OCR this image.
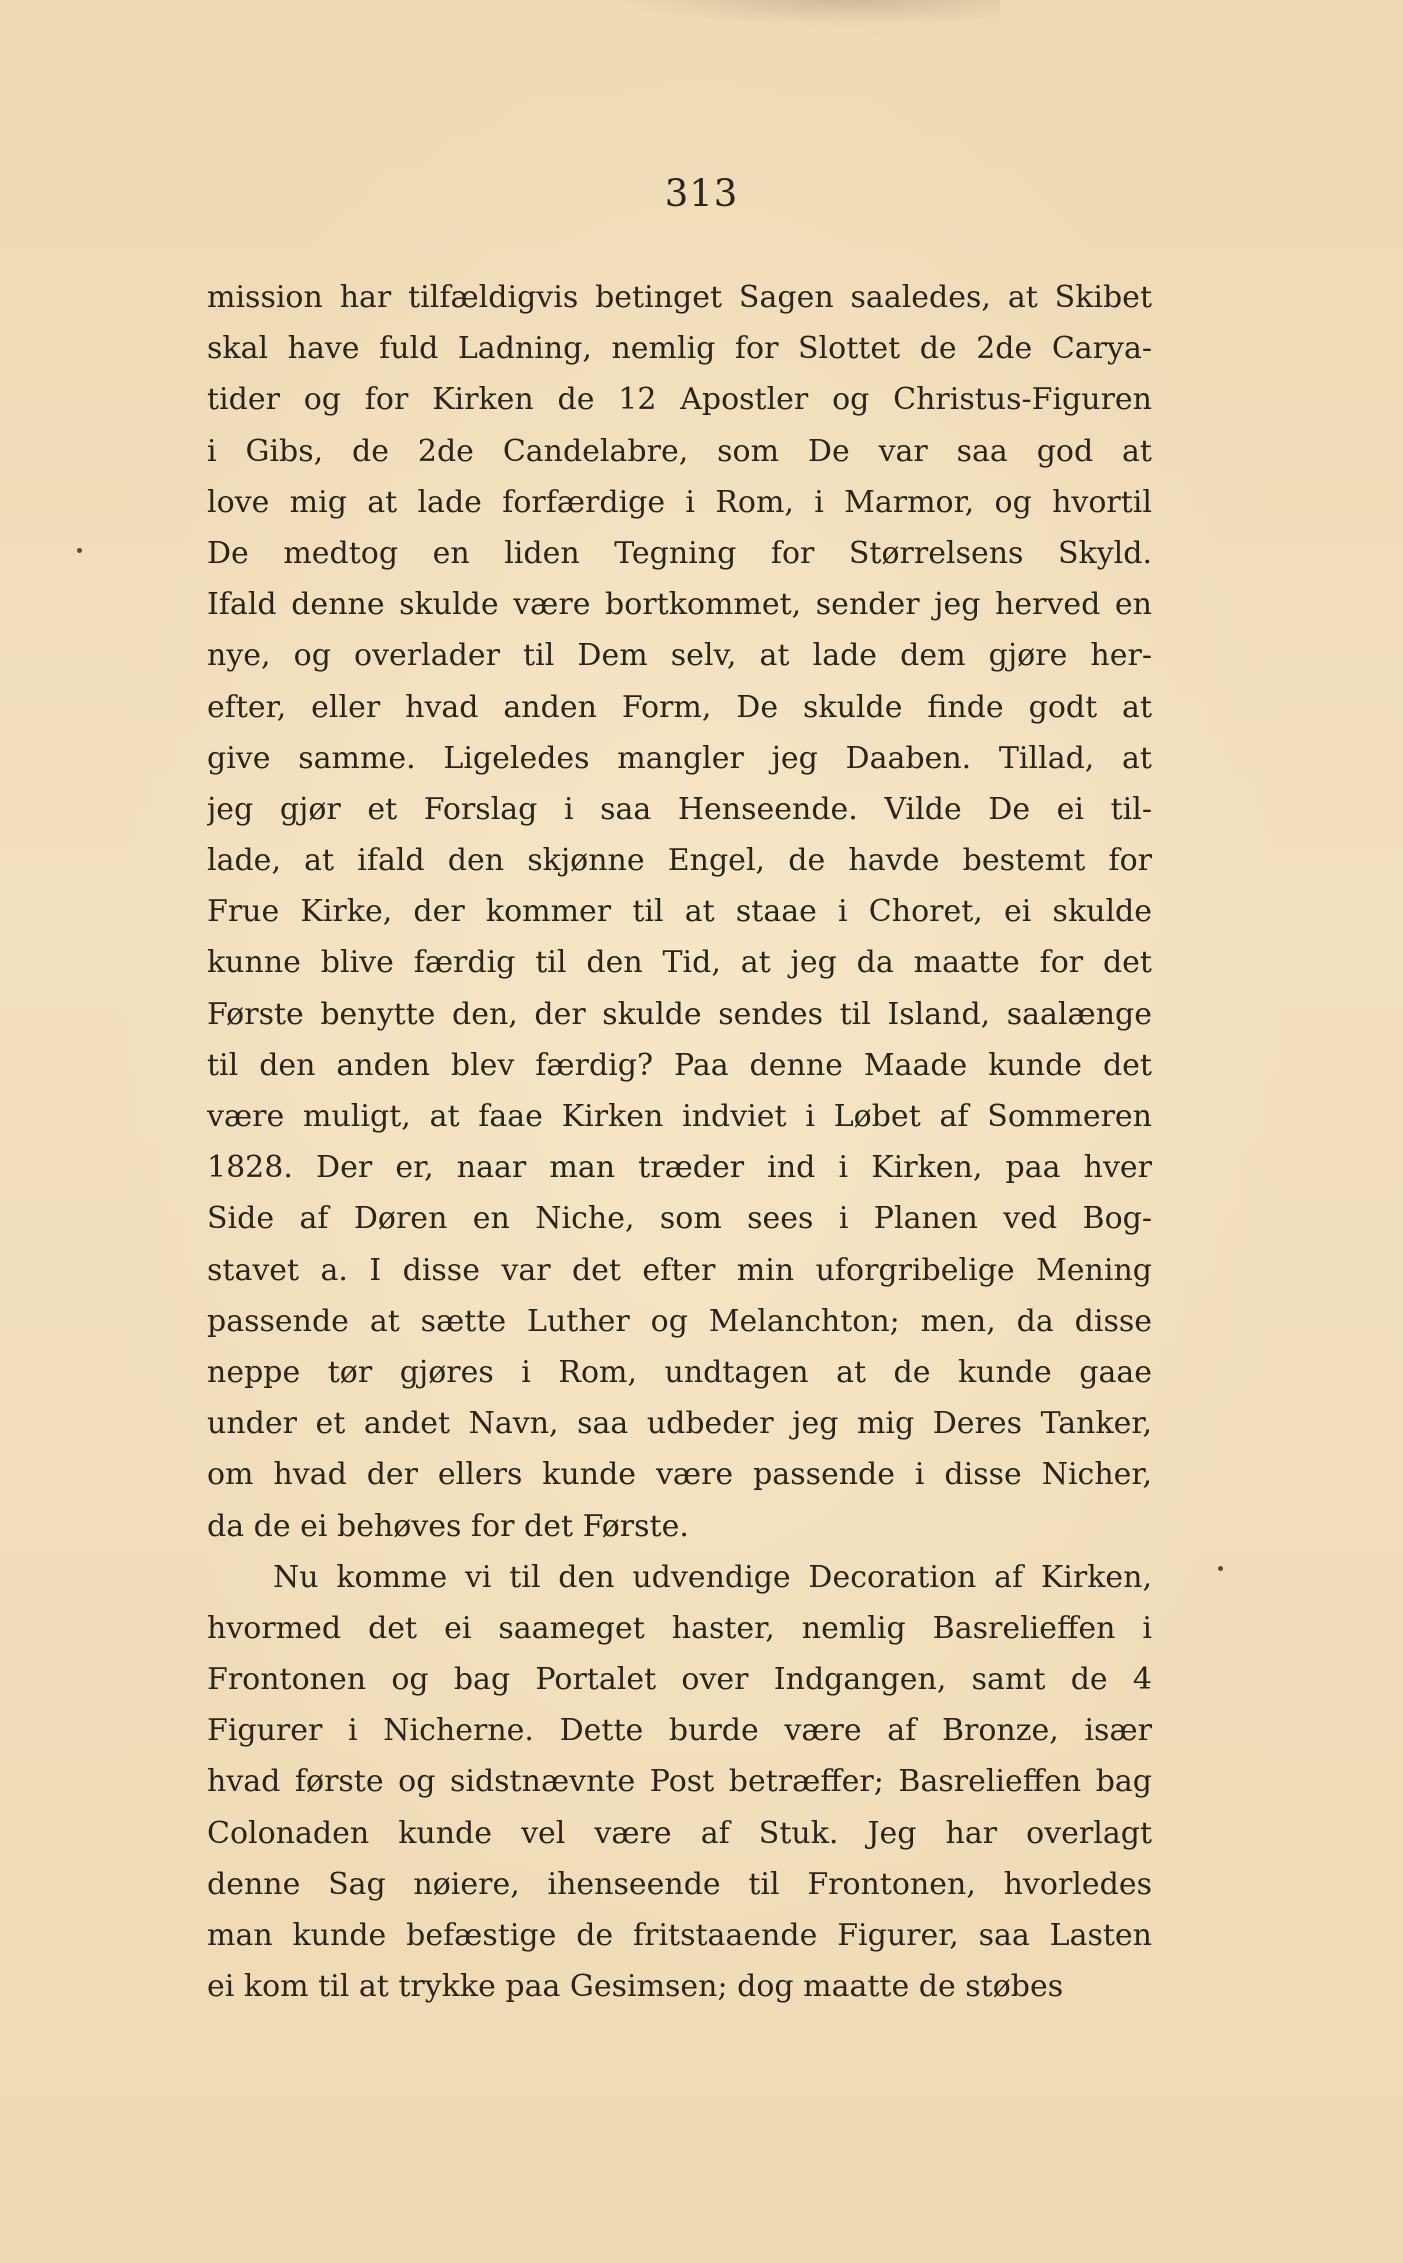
313
mission har tilfældigvis betinget Sagen saaledes, at Skibet
skal have fuld Ladning, nemlig for Slottet de 2de Carya-
tider og for Kirken de 12 Apostler og Christus-Figuren
i Gibs, de 2de Candelabre, som De var saa god at
love mig at lade forfærdige i Rom, i Marmor, og hvortil
De medtog en liden Tegning for Størrelsens Skyld.
Ifald denne skulde være bortkommet, sender jeg herved en
nye, og overlader til Dem selv, at lade dem gjøre her-
efter, eller hvad anden Form, De skulde finde godt at
give samme. Ligeledes mangler jeg Daaben. Tillad, at
jeg gjør et Forslag i saa Henseende. Vilde De ei til-
lade, at ifald den skjønne Engel, de havde bestemt for
Frue Kirke, der kommer til at staae i Choret, ei skulde
kunne blive færdig til den Tid, at jeg da maatte for det
Første benytte den, der skulde sendes til Island, saalænge
til den anden blev færdig? Paa denne Maade kunde det
være muligt, at faae Kirken indviet i Løbet af Sommeren
1828. Der er, naar man træder ind i Kirken, paa hver
Side af Døren en Niche, som sees i Planen ved Bog-
stavet a. I disse var det efter min uforgribelige Mening
passende at sætte Luther og Melanchton; men, da disse
neppe tør gjøres i Rom, undtagen at de kunde gaae
under et andet Navn, saa udbeder jeg mig Deres Tanker,
om hvad der ellers kunde være passende i disse Nicher,
da de ei behøves for det Første.
Nu komme vi til den udvendige Decoration af Kirken,
hvormed det ei saameget haster, nemlig Basrelieffen i
Frontonen og bag Portalet over Indgangen, samt de 4
Figurer i Nicherne. Dette burde være af Bronze, især
hvad første og sidstnævnte Post betræffer; Basrelieffen bag
Colonaden kunde vel være af Stuk. Jeg har overlagt
denne Sag nøiere, ihenseende til Frontonen, hvorledes
man kunde befæstige de fritstaaende Figurer, saa Lasten
ei kom til at trykke paa Gesimsen; dog maatte de støbes
